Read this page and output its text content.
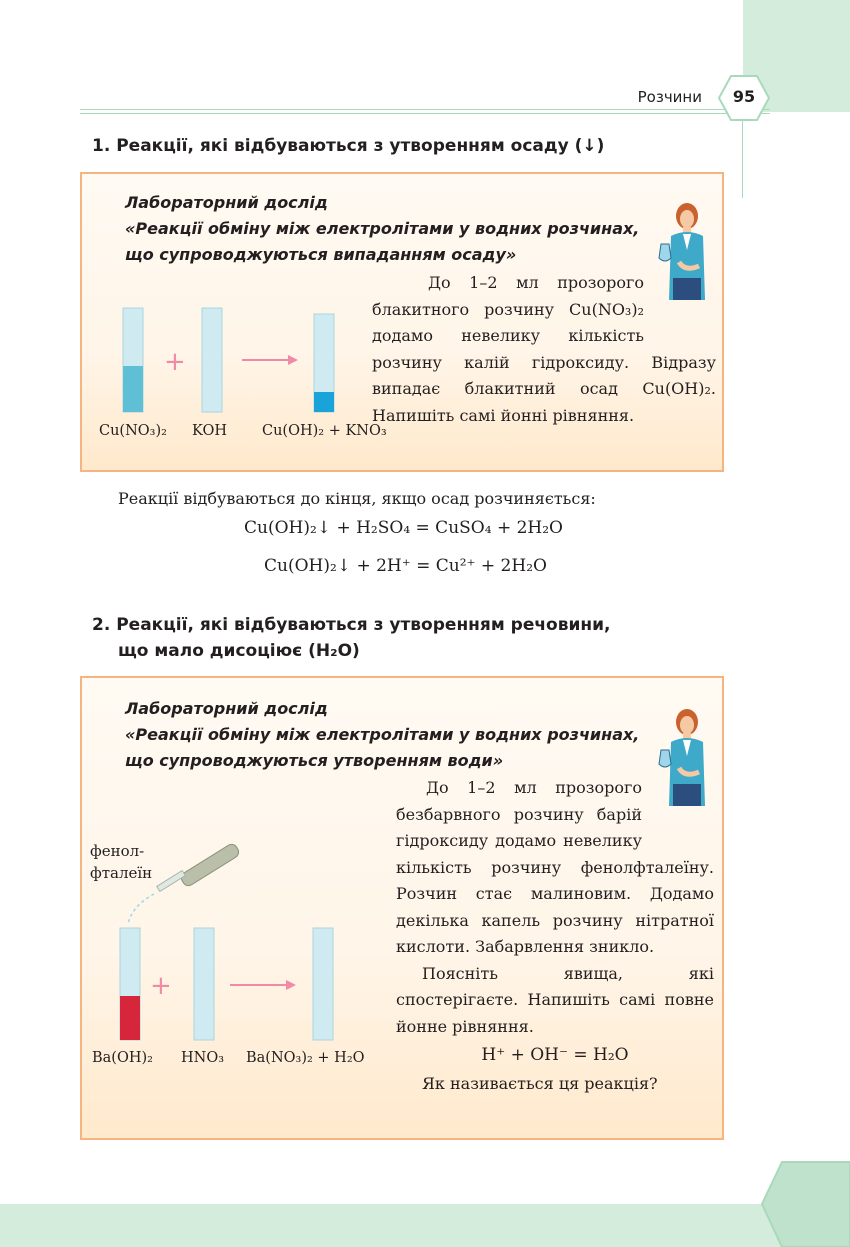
Розчини	95
1. Реакції, які відбуваються з утворенням осаду (↓)
Лабораторний дослід
«Реакції обміну між електролітами у водних розчинах,
що супроводжуються випаданням осаду»
+
Cu(NO₃)₂ KOH Cu(OH)₂ + KNO₃

До 1–2 мл прозорого блакитного розчину Cu(NO₃)₂ додамо невелику кількість розчину калій гідроксиду. Відразу випадає блакитний осад Cu(OH)₂. Напишіть самі йонні рівняння.

Реакції відбуваються до кінця, якщо осад розчиняється:
Cu(OH)₂↓ + H₂SO₄ = CuSO₄ + 2H₂O
Cu(OH)₂↓ + 2H⁺ = Cu²⁺ + 2H₂O
2. Реакції, які відбуваються з утворенням речовини,
що мало дисоціює (H₂O)
Лабораторний дослід
«Реакції обміну між електролітами у водних розчинах,
що супроводжуються утворенням води»
фенол-
фталеїн
+
Ba(OH)₂ HNO₃ Ba(NO₃)₂ + H₂O

До 1–2 мл прозорого безбарвного розчину барій гідроксиду додамо невелику кількість розчину фенолфталеїну. Розчин стає малиновим. Додамо декілька капель розчину нітратної кислоти. Забарвлення зникло.

Поясніть явища, які спостерігаєте. Напишіть самі повне йонне рівняння.

H⁺ + OH⁻ = H₂O

Як називається ця реакція?
